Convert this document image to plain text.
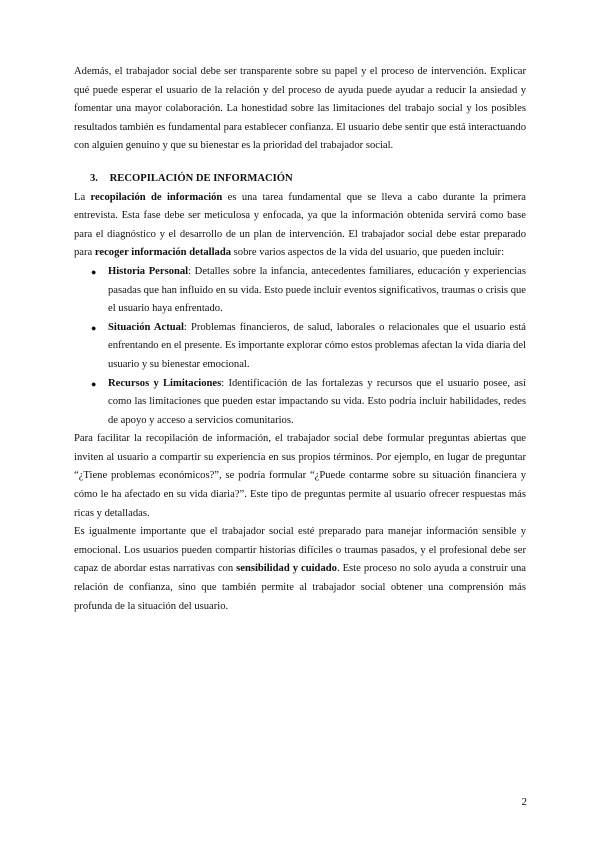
Además, el trabajador social debe ser transparente sobre su papel y el proceso de intervención. Explicar qué puede esperar el usuario de la relación y del proceso de ayuda puede ayudar a reducir la ansiedad y fomentar una mayor colaboración. La honestidad sobre las limitaciones del trabajo social y los posibles resultados también es fundamental para establecer confianza. El usuario debe sentir que está interactuando con alguien genuino y que su bienestar es la prioridad del trabajador social.

3. RECOPILACIÓN DE INFORMACIÓN

La recopilación de información es una tarea fundamental que se lleva a cabo durante la primera entrevista. Esta fase debe ser meticulosa y enfocada, ya que la información obtenida servirá como base para el diagnóstico y el desarrollo de un plan de intervención. El trabajador social debe estar preparado para recoger información detallada sobre varios aspectos de la vida del usuario, que pueden incluir:

● Historia Personal: Detalles sobre la infancia, antecedentes familiares, educación y experiencias pasadas que han influido en su vida. Esto puede incluir eventos significativos, traumas o crisis que el usuario haya enfrentado.
● Situación Actual: Problemas financieros, de salud, laborales o relacionales que el usuario está enfrentando en el presente. Es importante explorar cómo estos problemas afectan la vida diaria del usuario y su bienestar emocional.
● Recursos y Limitaciones: Identificación de las fortalezas y recursos que el usuario posee, así como las limitaciones que pueden estar impactando su vida. Esto podría incluir habilidades, redes de apoyo y acceso a servicios comunitarios.

Para facilitar la recopilación de información, el trabajador social debe formular preguntas abiertas que inviten al usuario a compartir su experiencia en sus propios términos. Por ejemplo, en lugar de preguntar “¿Tiene problemas económicos?”, se podría formular “¿Puede contarme sobre su situación financiera y cómo le ha afectado en su vida diaria?”. Este tipo de preguntas permite al usuario ofrecer respuestas más ricas y detalladas.

Es igualmente importante que el trabajador social esté preparado para manejar información sensible y emocional. Los usuarios pueden compartir historias difíciles o traumas pasados, y el profesional debe ser capaz de abordar estas narrativas con sensibilidad y cuidado. Este proceso no solo ayuda a construir una relación de confianza, sino que también permite al trabajador social obtener una comprensión más profunda de la situación del usuario.

2
